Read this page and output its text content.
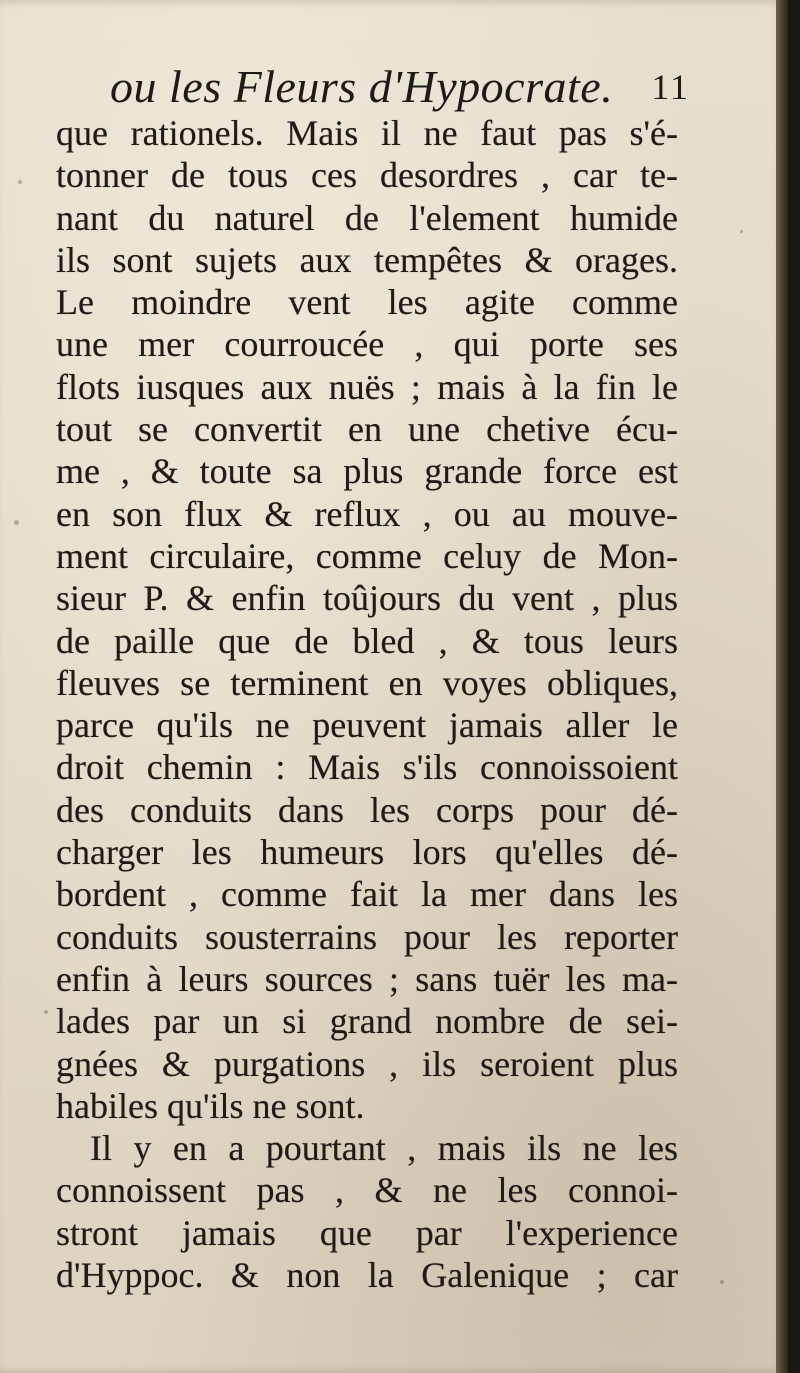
ou les Fleurs d'Hypocrate. 11
que rationels. Mais il ne faut pas s'é-
tonner de tous ces desordres , car te-
nant du naturel de l'element humide
ils sont sujets aux tempêtes & orages.
Le moindre vent les agite comme
une mer courroucée , qui porte ses
flots iusques aux nuës ; mais à la fin le
tout se convertit en une chetive écu-
me , & toute sa plus grande force est
en son flux & reflux , ou au mouve-
ment circulaire, comme celuy de Mon-
sieur P. & enfin toûjours du vent , plus
de paille que de bled , & tous leurs
fleuves se terminent en voyes obliques,
parce qu'ils ne peuvent jamais aller le
droit chemin : Mais s'ils connoissoient
des conduits dans les corps pour dé-
charger les humeurs lors qu'elles dé-
bordent , comme fait la mer dans les
conduits sousterrains pour les reporter
enfin à leurs sources ; sans tuër les ma-
lades par un si grand nombre de sei-
gnées & purgations , ils seroient plus
habiles qu'ils ne sont.
Il y en a pourtant , mais ils ne les
connoissent pas , & ne les connoi-
stront jamais que par l'experience
d'Hyppoc. & non la Galenique ; car
